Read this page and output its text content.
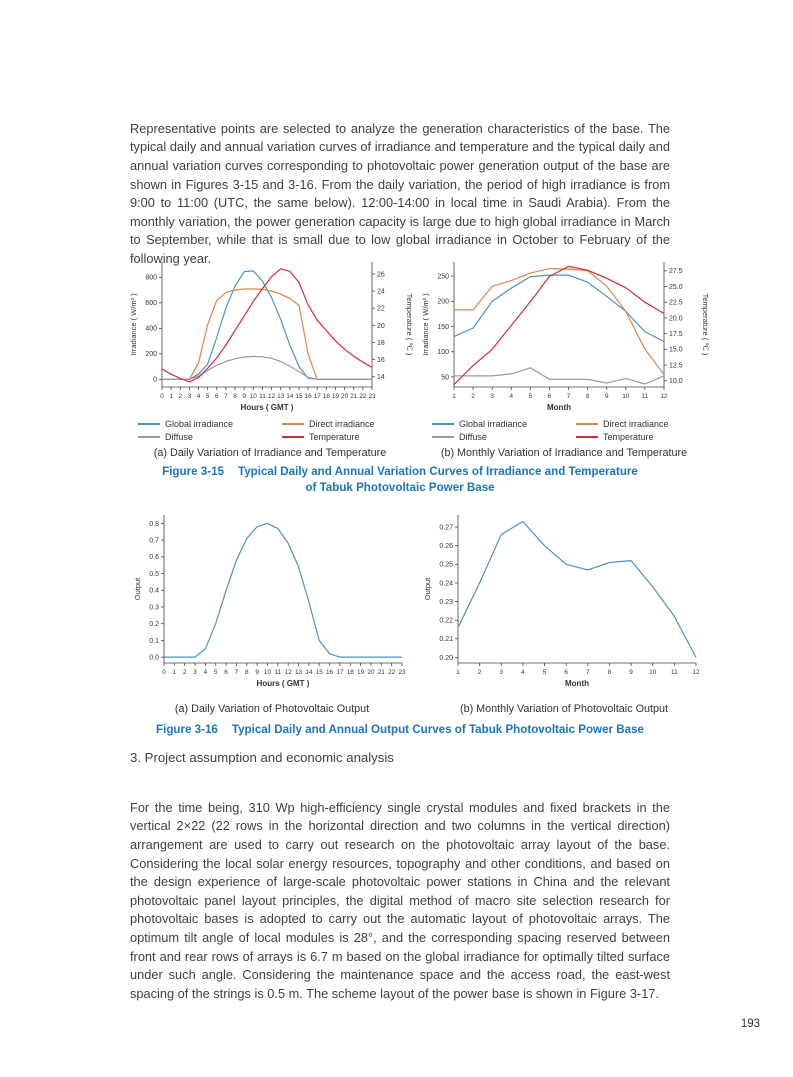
Representative points are selected to analyze the generation characteristics of the base. The typical daily and annual variation curves of irradiance and temperature and the typical daily and annual variation curves corresponding to photovoltaic power generation output of the base are shown in Figures 3-15 and 3-16. From the daily variation, the period of high irradiance is from 9:00 to 11:00 (UTC, the same below). 12:00-14:00 in local time in Saudi Arabia). From the monthly variation, the power generation capacity is large due to high global irradiance in March to September, while that is small due to low global irradiance in October to February of the following year.

0 1 2 3 4 5 6 7 8 9 10 11 12 13 14 15 16 17 18 19 20 21 22 23
Hours ( GMT )
0
200
400
600
800
Irradiance ( W/m² )
14
16
18
20
22
24
26
Temperature ( ℃ )
Global irradiance	Direct irradiance
Diffuse	Temperature
(a) Daily Variation of Irradiance and Temperature
1 2 3 4 5 6 7 8 9 10 11 12
Month
50
100
150
200
250
Irradiance ( W/m² )
10.0
12.5
15.0
17.5
20.0
22.5
25.0
27.5
Temperature ( ℃ )
Global irradiance	Direct irradiance
Diffuse	Temperature
(b) Monthly Variation of Irradiance and Temperature
Figure 3-15 Typical Daily and Annual Variation Curves of Irradiance and Temperature
of Tabuk Photovoltaic Power Base
0 1 2 3 4 5 6 7 8 9 10 11 12 13 14 15 16 17 18 19 20 21 22 23
Hours ( GMT )
0.0
0.1
0.2
0.3
0.4
0.5
0.6
0.7
0.8
Output
(a) Daily Variation of Photovoltaic Output
1	2	3	4	5	6	7	8	9	10 11 12
Month
0.20
0.21
0.22
0.23
0.24
0.25
0.26
0.27
Output
(b) Monthly Variation of Photovoltaic Output
Figure 3-16 Typical Daily and Annual Output Curves of Tabuk Photovoltaic Power Base
3. Project assumption and economic analysis

For the time being, 310 Wp high-efficiency single crystal modules and fixed brackets in the vertical 2×22 (22 rows in the horizontal direction and two columns in the vertical direction) arrangement are used to carry out research on the photovoltaic array layout of the base. Considering the local solar energy resources, topography and other conditions, and based on the design experience of large-scale photovoltaic power stations in China and the relevant photovoltaic panel layout principles, the digital method of macro site selection research for photovoltaic bases is adopted to carry out the automatic layout of photovoltaic arrays. The optimum tilt angle of local modules is 28°, and the corresponding spacing reserved between front and rear rows of arrays is 6.7 m based on the global irradiance for optimally tilted surface under such angle. Considering the maintenance space and the access road, the east-west spacing of the strings is 0.5 m. The scheme layout of the power base is shown in Figure 3-17.

193
